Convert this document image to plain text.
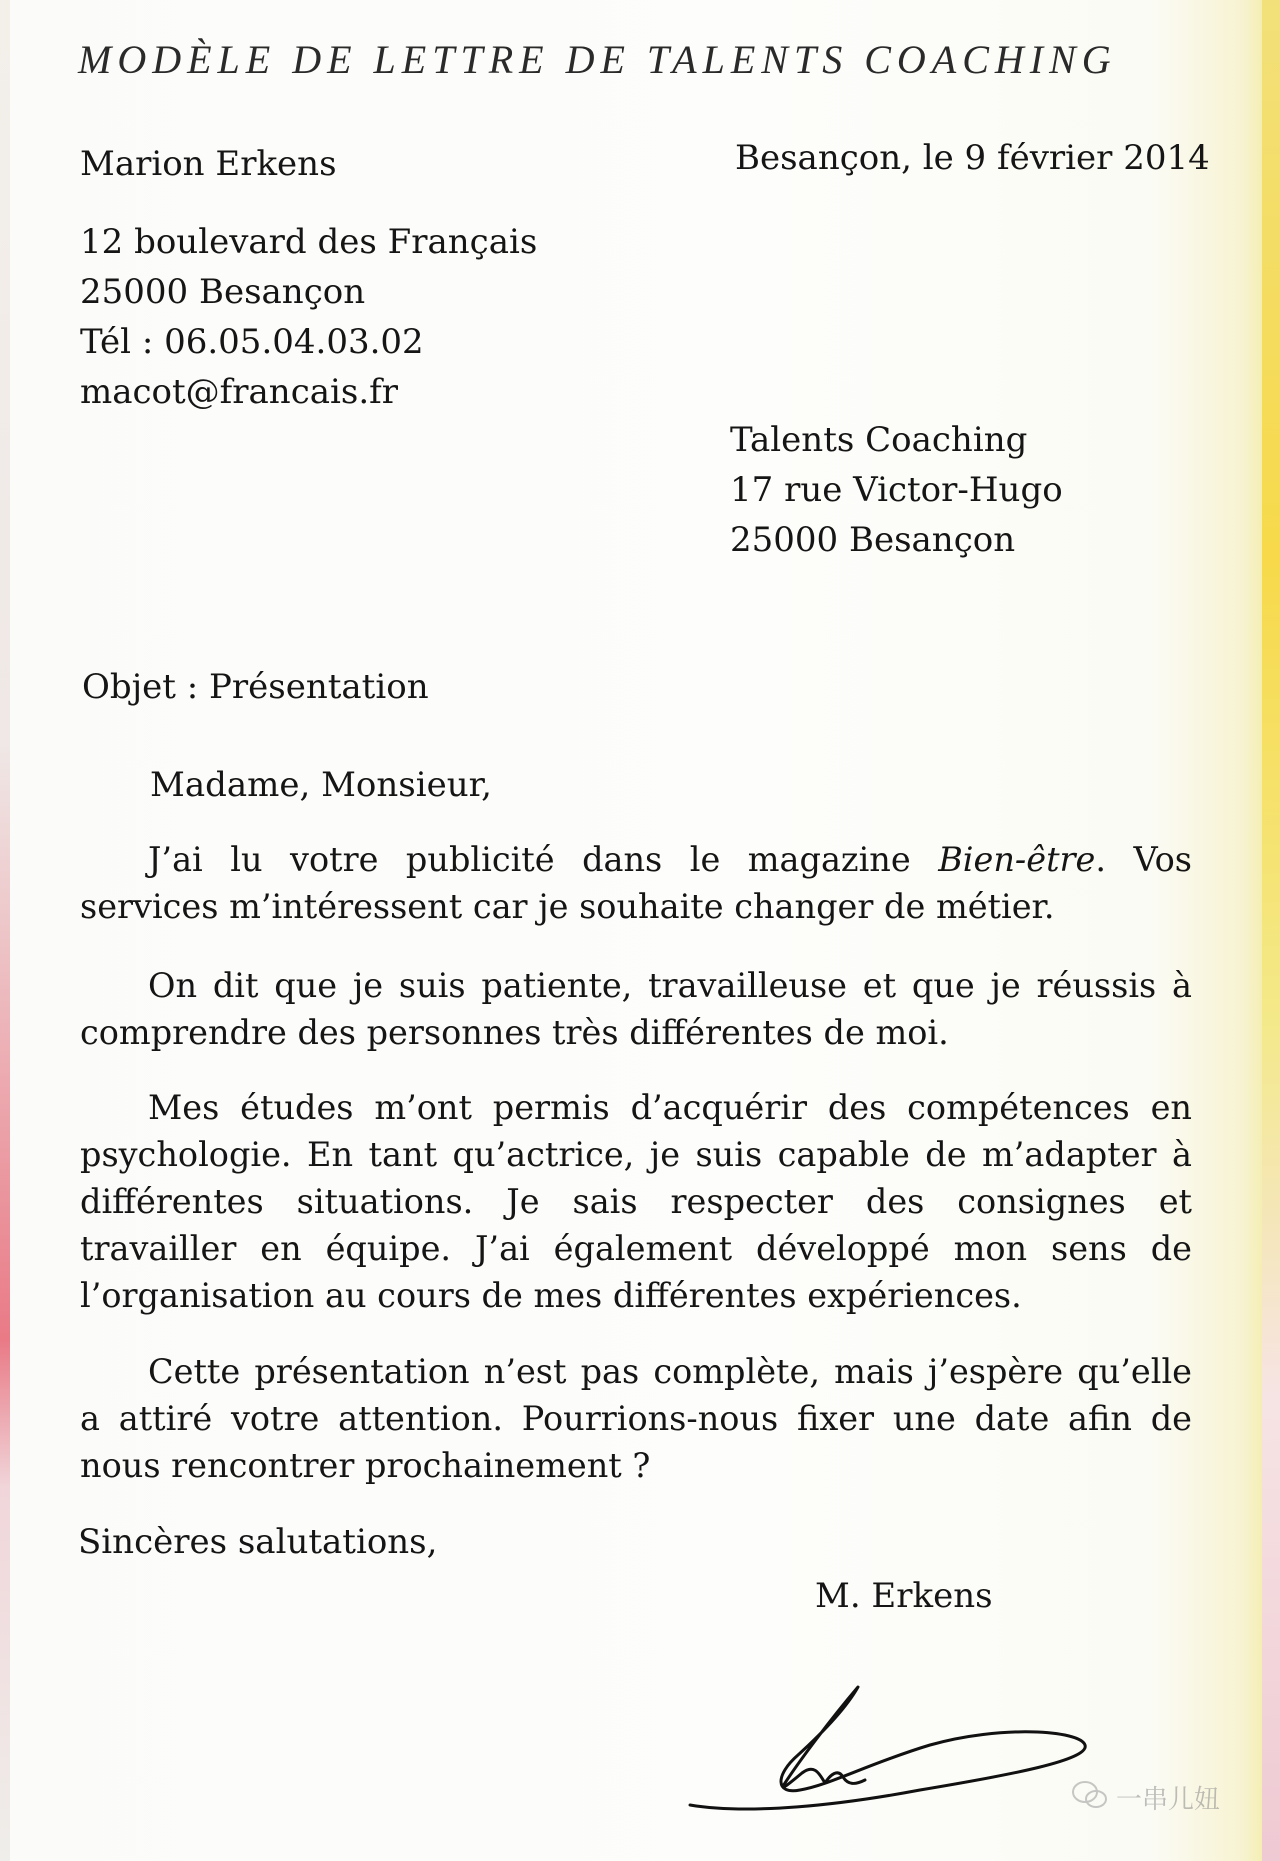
MODÈLE DE LETTRE DE TALENTS COACHING
Marion Erkens	Besançon, le 9 février 2014
12 boulevard des Français
25000 Besançon
Tél : 06.05.04.03.02
macot@francais.fr
Talents Coaching
17 rue Victor-Hugo
25000 Besançon
Objet : Présentation
Madame, Monsieur,
J’ai lu votre publicité dans le magazine Bien-être. Vos services m’intéressent car je souhaite changer de métier.
On dit que je suis patiente, travailleuse et que je réussis à comprendre des personnes très différentes de moi.
Mes études m’ont permis d’acquérir des compétences en psychologie. En tant qu’actrice, je suis capable de m’adapter à différentes situations. Je sais respecter des consignes et travailler en équipe. J’ai également développé mon sens de l’organisation au cours de mes différentes expériences.
Cette présentation n’est pas complète, mais j’espère qu’elle a attiré votre attention. Pourrions-nous fixer une date afin de nous rencontrer prochainement ?
Sincères salutations,
M. Erkens
一串儿妞
